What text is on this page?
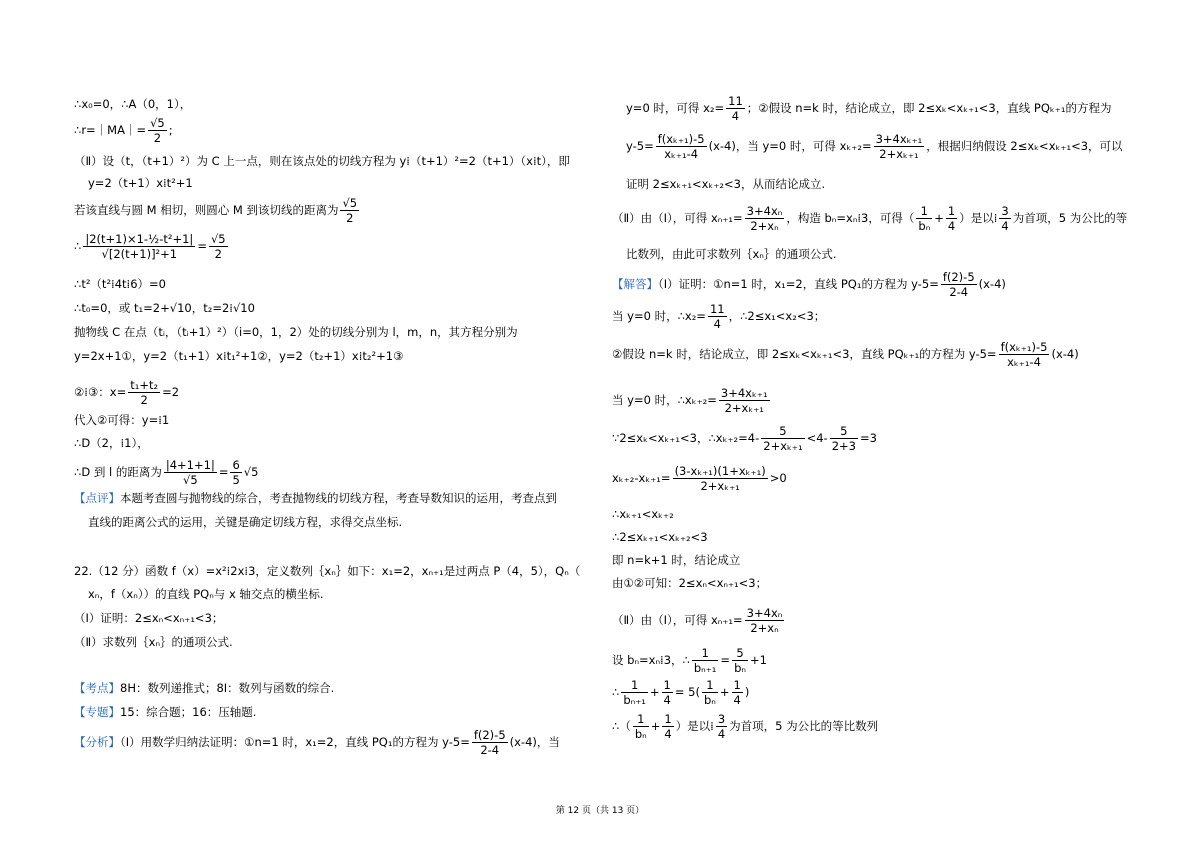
∴x₀=0，∴A（0，1），
∴r=｜MA｜= $\frac{√5}{2}$ ;
（Ⅱ）设（t，（t+1）²）为 C 上一点，则在该点处的切线方程为 y⁞（t+1）²=2（t+1）（x⁞t），即
y=2（t+1）x⁞t²+1
若该直线与圆 M 相切，则圆心 M 到该切线的距离为 $\frac{√5}{2}$
∴ $\frac{\text{|2(t+1)×1-½-t²+1|}}{\text{√[2(t+1)]²+1}} = \frac{√5}{2}$
∴t²（t²⁞4t⁞6）=0
∴t₀=0，或 t₁=2+√10，t₂=2⁞√10
抛物线 C 在点（tᵢ，（tᵢ+1）²）（i=0，1，2）处的切线分别为 l，m，n，其方程分别为
y=2x+1①，y=2（t₁+1）x⁞t₁²+1②，y=2（t₂+1）x⁞t₂²+1③
②⁞③：$x= \frac{\text{t₁+t₂}}{2} =2$
代入②可得：y=⁞1
∴D（2，⁞1），
∴D 到 l 的距离为 $\frac{|4+1+1|}{√5} = \frac{6}{5} √5$
【点评】本题考查圆与抛物线的综合，考查抛物线的切线方程，考查导数知识的运用，考查点到
直线的距离公式的运用，关键是确定切线方程，求得交点坐标.
22.（12 分）函数 f（x）=x²⁞2x⁞3，定义数列｛xₙ｝如下：x₁=2，xₙ₊₁是过两点 P（4，5），Qₙ（
xₙ，f（xₙ））的直线 PQₙ与 x 轴交点的横坐标.
（Ⅰ）证明：2≤xₙ<xₙ₊₁<3；
（Ⅱ）求数列｛xₙ｝的通项公式.
【考点】8H：数列递推式；8I：数列与函数的综合.
【专题】15：综合题；16：压轴题.
【分析】（Ⅰ）用数学归纳法证明：①n=1 时，x₁=2，直线 PQ₁的方程为 $y-5= \frac{f(2)-5}{2-4} (x-4)$，当
y=0 时，可得 $x_2= \frac{11}{4}$ ；②假设 n=k 时，结论成立，即 2≤xₖ<xₖ₊₁<3，直线 PQₖ₊₁的方程为
$y-5= \frac{\text{f(xₖ₊₁)-5}}{\text{xₖ₊₁-4}} (x-4)$，当 y=0 时，可得 $x_{k+2}= \frac{\text{3+4xₖ₊₁}}{\text{2+xₖ₊₁}}$ ，根据归纳假设 2≤xₖ<xₖ₊₁<3，可以
证明 2≤xₖ₊₁<xₖ₊₂<3，从而结论成立.
（Ⅱ）由（Ⅰ），可得 $x_{n+1}= \frac{\text{3+4xₙ}}{\text{2+xₙ}}$ ，构造 bₙ=xₙ⁞3，可得（ $\frac{1}{\text{bₙ}} + \frac{1}{4}$ ）是以⁞ $\frac{3}{4}$ 为首项，5 为公比的等
比数列，由此可求数列｛xₙ｝的通项公式.
【解答】（Ⅰ）证明：①n=1 时，x₁=2，直线 PQ₁的方程为 $y-5= \frac{f(2)-5}{2-4} (x-4)$
当 y=0 时，∴x₂= $\frac{11}{4}$ ，∴2≤x₁<x₂<3；
②假设 n=k 时，结论成立，即 2≤xₖ<xₖ₊₁<3，直线 PQₖ₊₁的方程为 $y-5= \frac{\text{f(xₖ₊₁)-5}}{\text{xₖ₊₁-4}} (x-4)$
当 y=0 时，∴xₖ₊₂= $\frac{\text{3+4xₖ₊₁}}{\text{2+xₖ₊₁}}$
∵2≤xₖ<xₖ₊₁<3，∴xₖ₊₂=4- $\frac{5}{\text{2+xₖ₊₁}} <4- \frac{5}{2+3} =3$
$x_{k+2}-x_{k+1}= \frac{\text{(3-xₖ₊₁)(1+xₖ₊₁)}}{\text{2+xₖ₊₁}} >0$
∴xₖ₊₁<xₖ₊₂
∴2≤xₖ₊₁<xₖ₊₂<3
即 n=k+1 时，结论成立
由①②可知：2≤xₙ<xₙ₊₁<3；
（Ⅱ）由（Ⅰ），可得 $x_{n+1}= \frac{\text{3+4xₙ}}{\text{2+xₙ}}$
设 bₙ=xₙ⁞3，∴ $\frac{1}{\text{bₙ₊₁}} = \frac{5}{\text{bₙ}} +1$
∴ $\frac{1}{\text{bₙ₊₁}} + \frac{1}{4} = 5( \frac{1}{\text{bₙ}} + \frac{1}{4}$ )
∴（ $\frac{1}{\text{bₙ}} + \frac{1}{4}$ ）是以⁞ $\frac{3}{4}$ 为首项，5 为公比的等比数列
第 12 页（共 13 页）
